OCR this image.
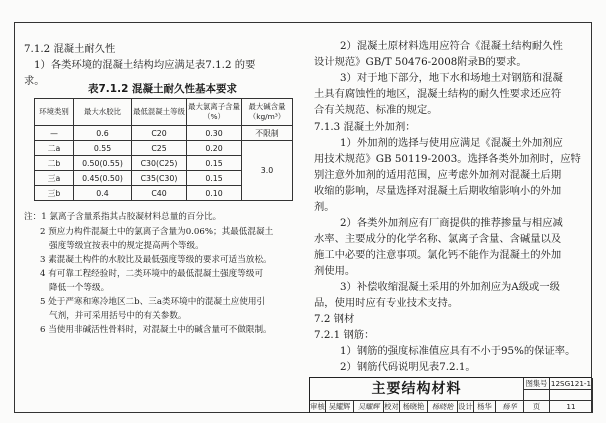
7.1.2 混凝土耐久性
1）各类环境的混凝土结构均应满足表7.1.2 的要
求。
表7.1.2 混凝土耐久性基本要求
环境类别	最大水胶比	最低混凝土等级	最大氯离子含量（%）	最大碱含量（kg/m³）
—	0.6	C20	0.30	不限制
二a	0.55	C25	0.20	3.0
二b	0.50(0.55)	C30(C25)	0.15	
三a	0.45(0.50)	C35(C30)	0.15	
三b	0.4	C40	0.10	
注：1 氯离子含量系指其占胶凝材料总量的百分比。
2 预应力构件混凝土中的氯离子含量为0.06%；其最低混凝土
强度等级宜按表中的规定提高两个等级。
3 素混凝土构件的水胶比及最低强度等级的要求可适当放松。
4 有可靠工程经验时，二类环境中的最低混凝土强度等级可
降低一个等级。
5 处于严寒和寒冷地区二b、三a类环境中的混凝土应使用引
气剂，并可采用括号中的有关参数。
6 当使用非碱活性骨料时，对混凝土中的碱含量可不做限制。
2）混凝土原材料选用应符合《混凝土结构耐久性
设计规范》GB/T 50476-2008附录B的要求。
3）对于地下部分，地下水和场地土对钢筋和混凝
土具有腐蚀性的地区，混凝土结构的耐久性要求还应符
合有关规范、标准的规定。
7.1.3 混凝土外加剂：
1）外加剂的选择与使用应满足《混凝土外加剂应
用技术规范》GB 50119-2003。选择各类外加剂时，应特
别注意外加剂的适用范围，应考虑外加剂对混凝土后期
收缩的影响，尽量选择对混凝土后期收缩影响小的外加
剂。
2）各类外加剂应有厂商提供的推荐掺量与相应减
水率、主要成分的化学名称、氯离子含量、含碱量以及
施工中必要的注意事项。氯化钙不能作为混凝土的外加
剂使用。
3）补偿收缩混凝土采用的外加剂应为A级或一级
品，使用时应有专业技术支持。
7.2 钢材
7.2.1 钢筋：
1）钢筋的强度标准值应具有不小于95%的保证率。
2）钢筋代码说明见表7.2.1。
主要结构材料	图集号 12SG121-1
审核 吴耀辉	吴耀辉 校对 杨晓艳	杨晓艳 设计 杨华	杨华	页	11
